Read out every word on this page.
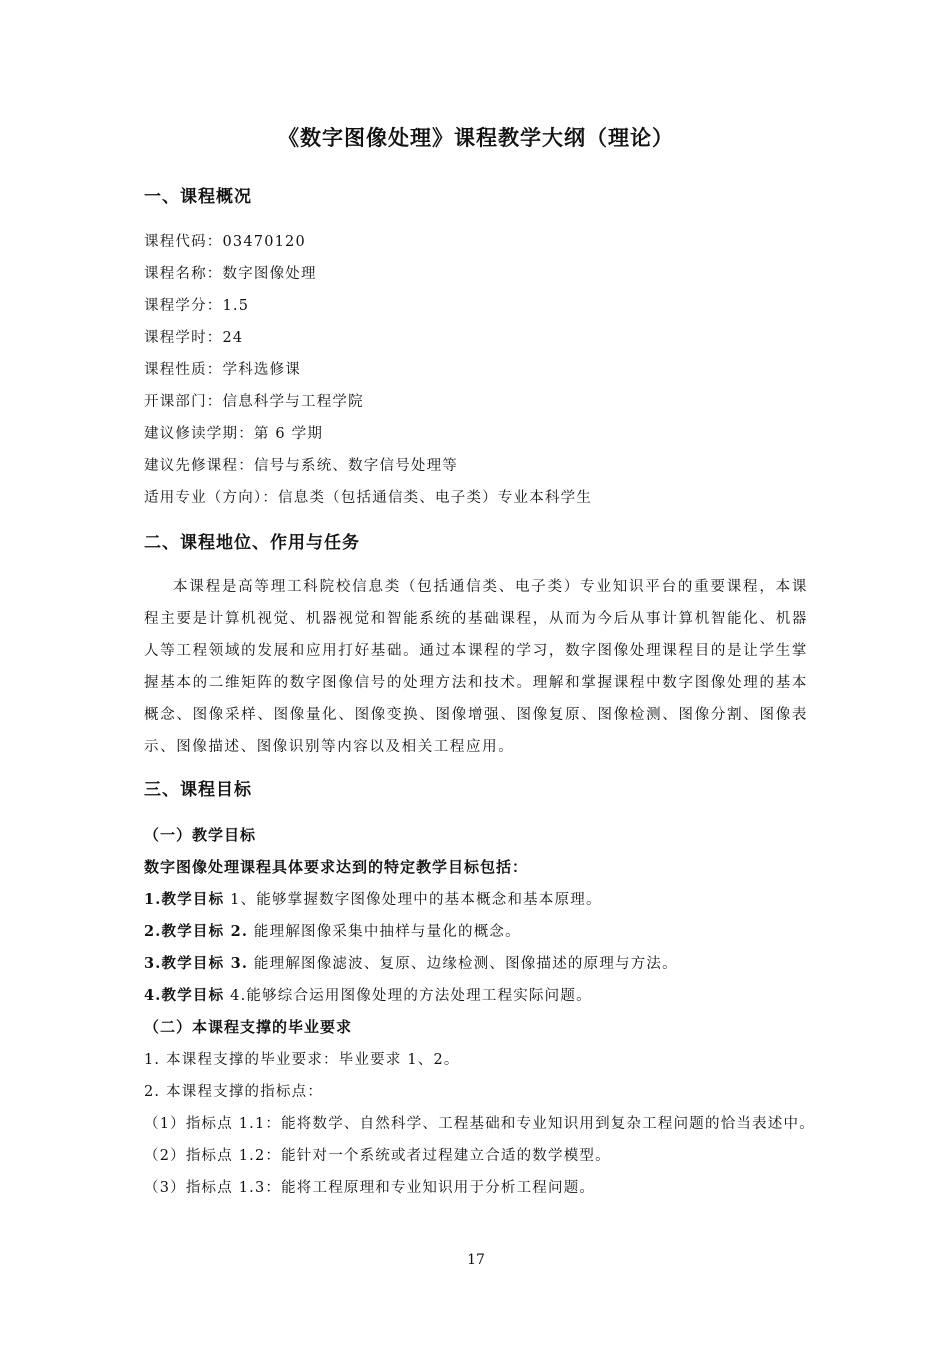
《数字图像处理》课程教学大纲（理论）
一、课程概况
课程代码：03470120
课程名称：数字图像处理
课程学分：1.5
课程学时：24
课程性质：学科选修课
开课部门：信息科学与工程学院
建议修读学期：第 6 学期
建议先修课程：信号与系统、数字信号处理等
适用专业（方向）：信息类（包括通信类、电子类）专业本科学生
二、课程地位、作用与任务
本课程是高等理工科院校信息类（包括通信类、电子类）专业知识平台的重要课程，本课程主要是计算机视觉、机器视觉和智能系统的基础课程，从而为今后从事计算机智能化、机器人等工程领域的发展和应用打好基础。通过本课程的学习，数字图像处理课程目的是让学生掌握基本的二维矩阵的数字图像信号的处理方法和技术。理解和掌握课程中数字图像处理的基本概念、图像采样、图像量化、图像变换、图像增强、图像复原、图像检测、图像分割、图像表示、图像描述、图像识别等内容以及相关工程应用。
三、课程目标
（一）教学目标
数字图像处理课程具体要求达到的特定教学目标包括：
1.教学目标 1、能够掌握数字图像处理中的基本概念和基本原理。
2.教学目标 2. 能理解图像采集中抽样与量化的概念。
3.教学目标 3. 能理解图像滤波、复原、边缘检测、图像描述的原理与方法。
4.教学目标 4.能够综合运用图像处理的方法处理工程实际问题。
（二）本课程支撑的毕业要求
1. 本课程支撑的毕业要求：毕业要求 1、2。
2. 本课程支撑的指标点：
（1）指标点 1.1：能将数学、自然科学、工程基础和专业知识用到复杂工程问题的恰当表述中。
（2）指标点 1.2：能针对一个系统或者过程建立合适的数学模型。
（3）指标点 1.3：能将工程原理和专业知识用于分析工程问题。
17
